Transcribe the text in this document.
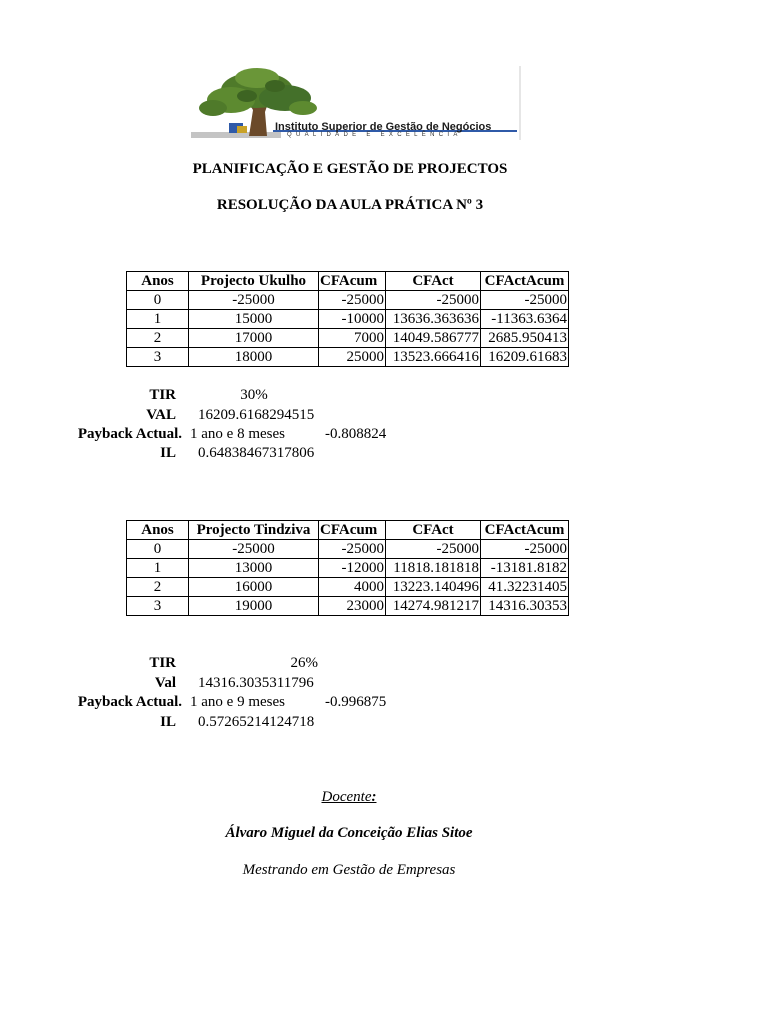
Instituto Superior de Gestão de Negócios
QUALIDADE E EXCELÊNCIA
PLANIFICAÇÃO E GESTÃO DE PROJECTOS
RESOLUÇÃO DA AULA PRÁTICA Nº 3
Anos	Projecto Ukulho	CFAcum	CFAct	CFActAcum
0	-25000	-25000	-25000	-25000
1	15000	-10000	13636.363636	-11363.6364
2	17000	7000	14049.586777	2685.950413
3	18000	25000	13523.666416	16209.61683
TIR	30%
VAL 16209.6168294515
Payback Actual. 1 ano e 8 meses	-0.808824
IL 0.64838467317806
Anos	Projecto Tindziva	CFAcum	CFAct	CFActAcum
0	-25000	-25000	-25000	-25000
1	13000	-12000	11818.181818	-13181.8182
2	16000	4000	13223.140496	41.32231405
3	19000	23000	14274.981217	14316.30353
TIR	26%
Val 14316.3035311796
Payback Actual. 1 ano e 9 meses	-0.996875
IL 0.57265214124718
Docente:
Álvaro Miguel da Conceição Elias Sitoe
Mestrando em Gestão de Empresas
